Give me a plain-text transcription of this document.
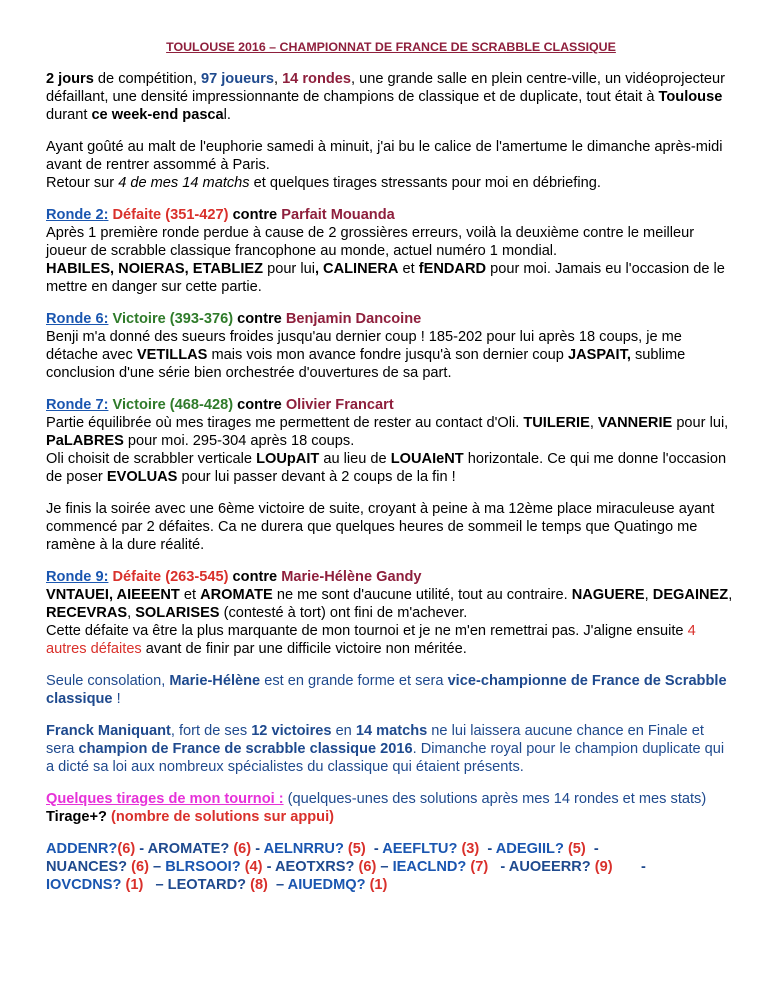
TOULOUSE 2016 – CHAMPIONNAT DE FRANCE DE SCRABBLE CLASSIQUE

2 jours de compétition, 97 joueurs, 14 rondes, une grande salle en plein centre-ville, un vidéoprojecteur défaillant, une densité impressionnante de champions de classique et de duplicate, tout était à Toulouse durant ce week-end pascal.

Ayant goûté au malt de l'euphorie samedi à minuit, j'ai bu le calice de l'amertume le dimanche après-midi avant de rentrer assommé à Paris.
Retour sur 4 de mes 14 matchs et quelques tirages stressants pour moi en débriefing.

Ronde 2: Défaite (351-427) contre Parfait Mouanda
Après 1 première ronde perdue à cause de 2 grossières erreurs, voilà la deuxième contre le meilleur joueur de scrabble classique francophone au monde, actuel numéro 1 mondial.
HABILES, NOIERAS, ETABLIEZ pour lui, CALINERA et fENDARD pour moi. Jamais eu l'occasion de le mettre en danger sur cette partie.

Ronde 6: Victoire (393-376) contre Benjamin Dancoine
Benji m'a donné des sueurs froides jusqu'au dernier coup ! 185-202 pour lui après 18 coups, je me détache avec VETILLAS mais vois mon avance fondre jusqu'à son dernier coup JASPAIT, sublime conclusion d'une série bien orchestrée d'ouvertures de sa part.

Ronde 7: Victoire (468-428) contre Olivier Francart
Partie équilibrée où mes tirages me permettent de rester au contact d'Oli. TUILERIE, VANNERIE pour lui, PaLABRES pour moi. 295-304 après 18 coups.
Oli choisit de scrabbler verticale LOUpAIT au lieu de LOUAIeNT horizontale. Ce qui me donne l'occasion de poser EVOLUAS pour lui passer devant à 2 coups de la fin !

Je finis la soirée avec une 6ème victoire de suite, croyant à peine à ma 12ème place miraculeuse ayant commencé par 2 défaites. Ca ne durera que quelques heures de sommeil le temps que Quatingo me ramène à la dure réalité.

Ronde 9: Défaite (263-545) contre Marie-Hélène Gandy
VNTAUEI, AIEEENT et AROMATE ne me sont d'aucune utilité, tout au contraire. NAGUERE, DEGAINEZ, RECEVRAS, SOLARISES (contesté à tort) ont fini de m'achever.
Cette défaite va être la plus marquante de mon tournoi et je ne m'en remettrai pas. J'aligne ensuite 4 autres défaites avant de finir par une difficile victoire non méritée.

Seule consolation, Marie-Hélène est en grande forme et sera vice-championne de France de Scrabble classique !

Franck Maniquant, fort de ses 12 victoires en 14 matchs ne lui laissera aucune chance en Finale et sera champion de France de scrabble classique 2016. Dimanche royal pour le champion duplicate qui a dicté sa loi aux nombreux spécialistes du classique qui étaient présents.

Quelques tirages de mon tournoi : (quelques-unes des solutions après mes 14 rondes et mes stats) Tirage+? (nombre de solutions sur appui)

ADDENR?(6) - AROMATE? (6) - AELNRRU? (5)  - AEEFLTU? (3)  - ADEGIIL? (5)  -
NUANCES? (6) – BLRSOOI? (4) - AEOTXRS? (6) – IEACLND? (7)   - AUOEERR? (9)       -
IOVCDNS? (1)   – LEOTARD? (8)  – AIUEDMQ? (1)
